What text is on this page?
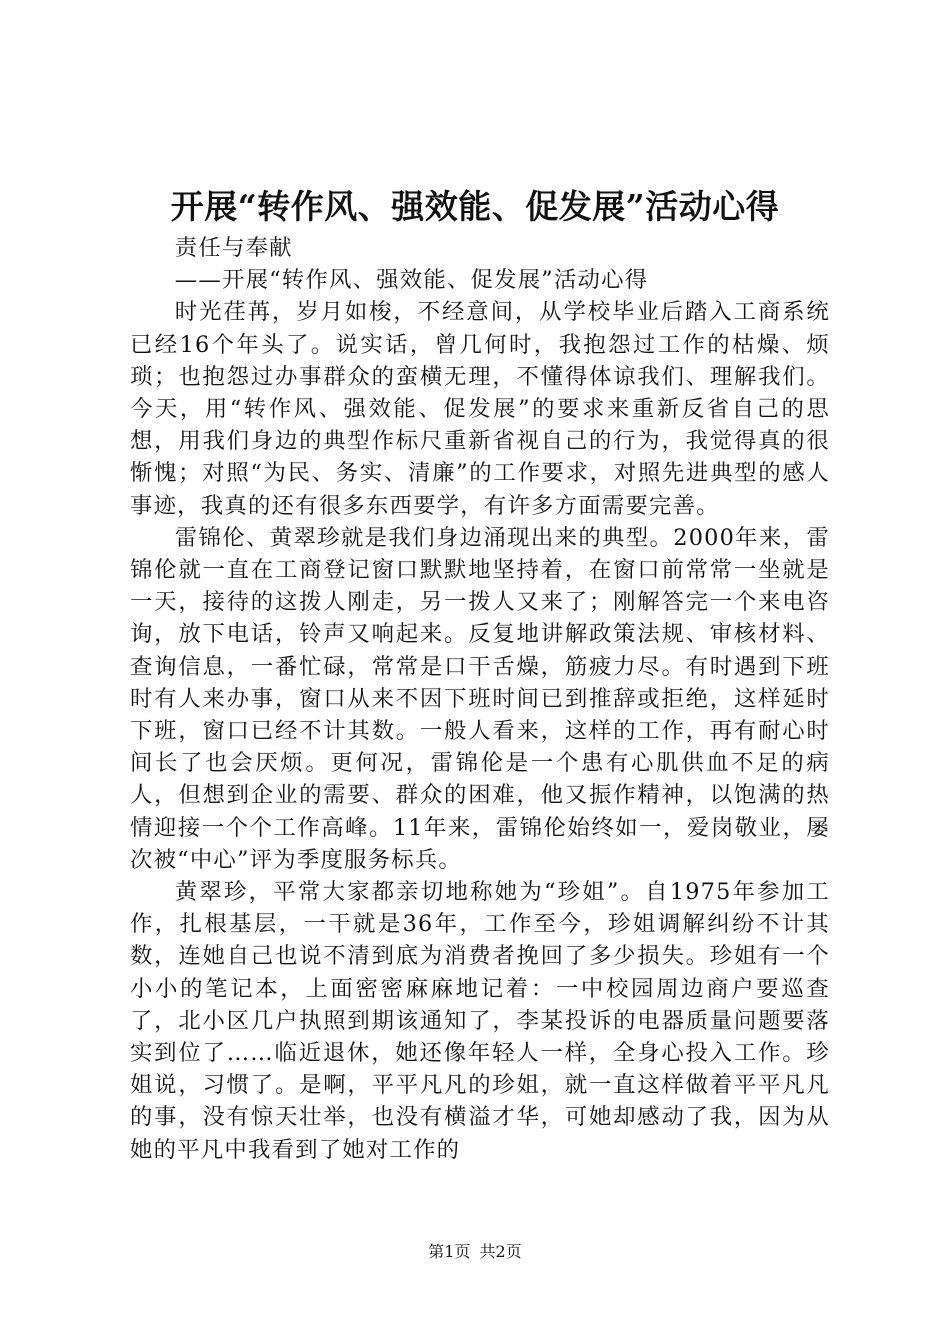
开展“转作风、强效能、促发展”活动心得

责任与奉献

——开展“转作风、强效能、促发展”活动心得

时光荏苒，岁月如梭，不经意间，从学校毕业后踏入工商系统已经16个年头了。说实话，曾几何时，我抱怨过工作的枯燥、烦琐；也抱怨过办事群众的蛮横无理，不懂得体谅我们、理解我们。今天，用“转作风、强效能、促发展”的要求来重新反省自己的思想，用我们身边的典型作标尺重新省视自己的行为，我觉得真的很惭愧；对照“为民、务实、清廉”的工作要求，对照先进典型的感人事迹，我真的还有很多东西要学，有许多方面需要完善。

雷锦伦、黄翠珍就是我们身边涌现出来的典型。2000年来，雷锦伦就一直在工商登记窗口默默地坚持着，在窗口前常常一坐就是一天，接待的这拨人刚走，另一拨人又来了；刚解答完一个来电咨询，放下电话，铃声又响起来。反复地讲解政策法规、审核材料、查询信息，一番忙碌，常常是口干舌燥，筋疲力尽。有时遇到下班时有人来办事，窗口从来不因下班时间已到推辞或拒绝，这样延时下班，窗口已经不计其数。一般人看来，这样的工作，再有耐心时间长了也会厌烦。更何况，雷锦伦是一个患有心肌供血不足的病人，但想到企业的需要、群众的困难，他又振作精神，以饱满的热情迎接一个个工作高峰。11年来，雷锦伦始终如一，爱岗敬业，屡次被“中心”评为季度服务标兵。

黄翠珍，平常大家都亲切地称她为“珍姐”。自1975年参加工作，扎根基层，一干就是36年，工作至今，珍姐调解纠纷不计其数，连她自己也说不清到底为消费者挽回了多少损失。珍姐有一个小小的笔记本，上面密密麻麻地记着：一中校园周边商户要巡查了，北小区几户执照到期该通知了，李某投诉的电器质量问题要落实到位了……临近退休，她还像年轻人一样，全身心投入工作。珍姐说，习惯了。是啊，平平凡凡的珍姐，就一直这样做着平平凡凡的事，没有惊天壮举，也没有横溢才华，可她却感动了我，因为从她的平凡中我看到了她对工作的

第1页 共2页
